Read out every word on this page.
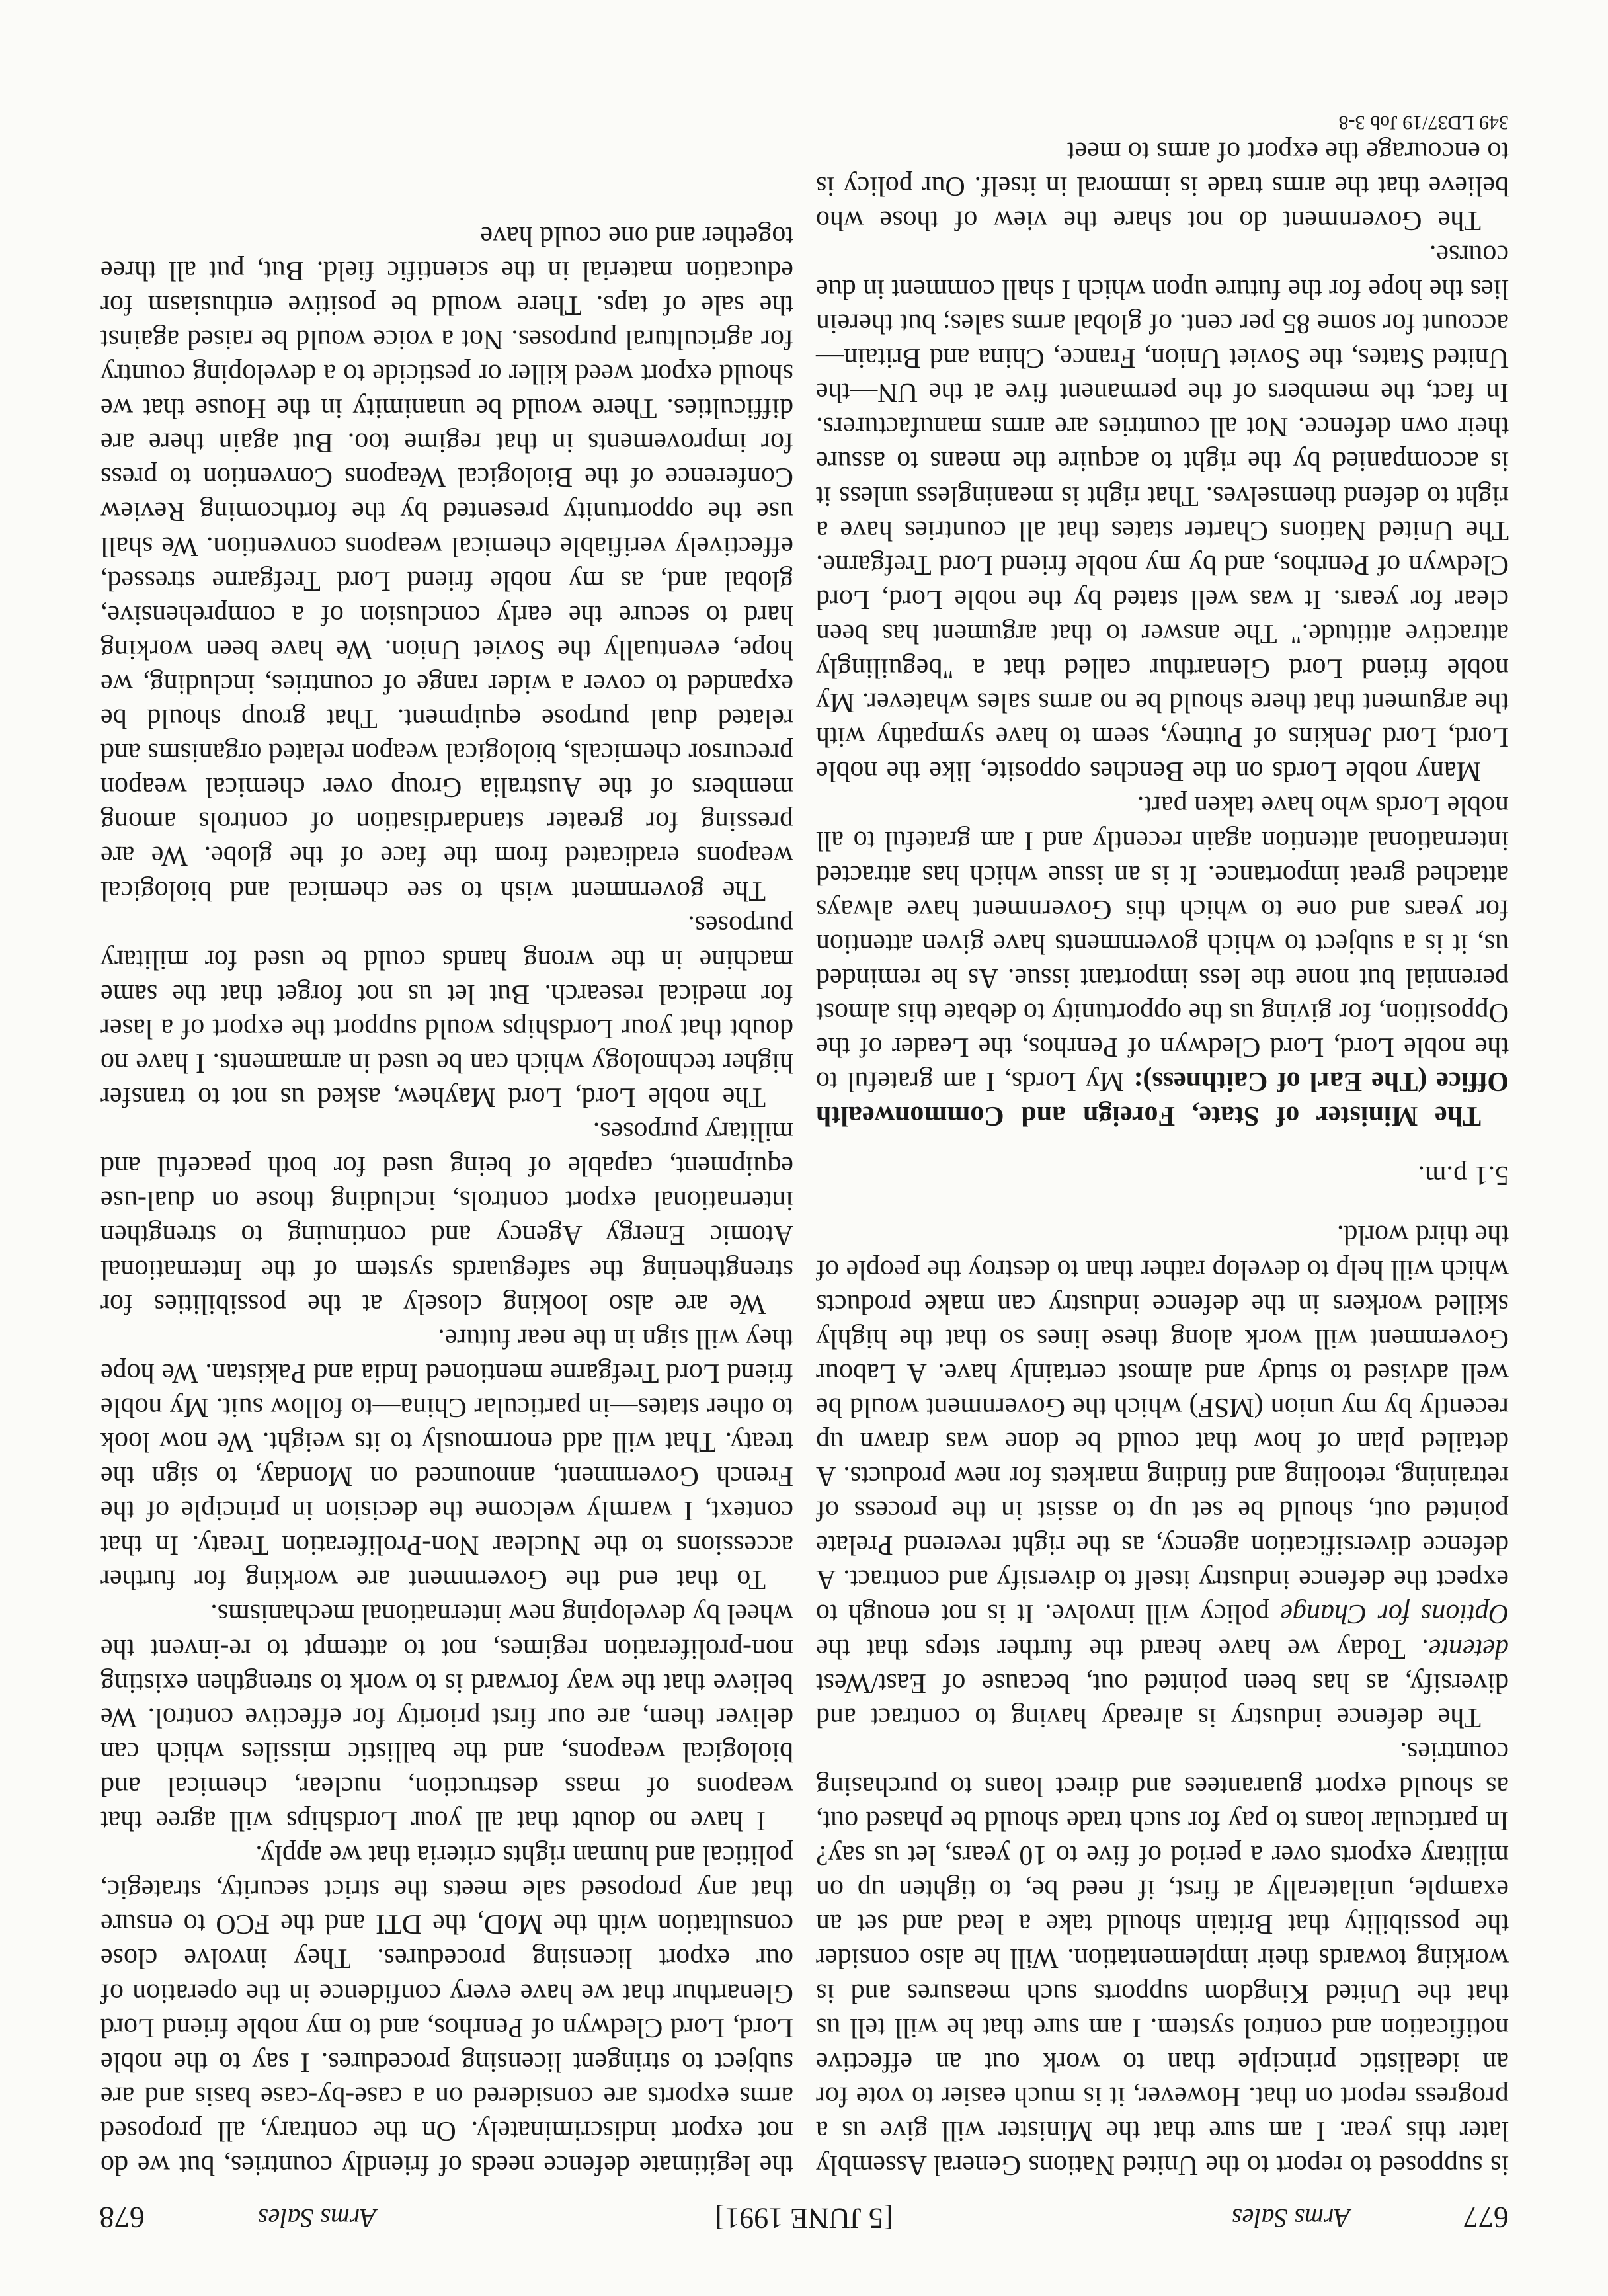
677
Arms Sales
[5 JUNE 1991]
Arms Sales
678

is supposed to report to the United Nations General Assembly later this year. I am sure that the Minister will give us a progress report on that. However, it is much easier to vote for an idealistic principle than to work out an effective notification and control system. I am sure that he will tell us that the United Kingdom supports such measures and is working towards their implementation. Will he also consider the possibility that Britain should take a lead and set an example, unilaterally at first, if need be, to tighten up on military exports over a period of five to 10 years, let us say? In particular loans to pay for such trade should be phased out, as should export guarantees and direct loans to purchasing countries.

The defence industry is already having to contract and diversify, as has been pointed out, because of East/West detente. Today we have heard the further steps that the Options for Change policy will involve. It is not enough to expect the defence industry itself to diversify and contract. A defence diversification agency, as the right reverend Prelate pointed out, should be set up to assist in the process of retraining, retooling and finding markets for new products. A detailed plan of how that could be done was drawn up recently by my union (MSF) which the Government would be well advised to study and almost certainly have. A Labour Government will work along these lines so that the highly skilled workers in the defence industry can make products which will help to develop rather than to destroy the people of the third world.

5.1 p.m.

The Minister of State, Foreign and Commonwealth Office (The Earl of Caithness): My Lords, I am grateful to the noble Lord, Lord Cledwyn of Penrhos, the Leader of the Opposition, for giving us the opportunity to debate this almost perennial but none the less important issue. As he reminded us, it is a subject to which governments have given attention for years and one to which this Government have always attached great importance. It is an issue which has attracted international attention again recently and I am grateful to all noble Lords who have taken part.

Many noble Lords on the Benches opposite, like the noble Lord, Lord Jenkins of Putney, seem to have sympathy with the argument that there should be no arms sales whatever. My noble friend Lord Glenarthur called that a "beguilingly attractive attitude." The answer to that argument has been clear for years. It was well stated by the noble Lord, Lord Cledwyn of Penrhos, and by my noble friend Lord Trefgarne. The United Nations Charter states that all countries have a right to defend themselves. That right is meaningless unless it is accompanied by the right to acquire the means to assure their own defence. Not all countries are arms manufacturers. In fact, the members of the permanent five at the UN—the United States, the Soviet Union, France, China and Britain—account for some 85 per cent. of global arms sales; but therein lies the hope for the future upon which I shall comment in due course.

The Government do not share the view of those who believe that the arms trade is immoral in itself. Our policy is to encourage the export of arms to meet

the legitimate defence needs of friendly countries, but we do not export indiscriminately. On the contrary, all proposed arms exports are considered on a case-by-case basis and are subject to stringent licensing procedures. I say to the noble Lord, Lord Cledwyn of Penrhos, and to my noble friend Lord Glenarthur that we have every confidence in the operation of our export licensing procedures. They involve close consultation with the MoD, the DTI and the FCO to ensure that any proposed sale meets the strict security, strategic, political and human rights criteria that we apply.

I have no doubt that all your Lordships will agree that weapons of mass destruction, nuclear, chemical and biological weapons, and the ballistic missiles which can deliver them, are our first priority for effective control. We believe that the way forward is to work to strengthen existing non-proliferation regimes, not to attempt to re-invent the wheel by developing new international mechanisms.

To that end the Government are working for further accessions to the Nuclear Non-Proliferation Treaty. In that context, I warmly welcome the decision in principle of the French Government, announced on Monday, to sign the treaty. That will add enormously to its weight. We now look to other states—in particular China—to follow suit. My noble friend Lord Trefgarne mentioned India and Pakistan. We hope they will sign in the near future.

We are also looking closely at the possibilities for strengthening the safeguards system of the International Atomic Energy Agency and continuing to strengthen international export controls, including those on dual-use equipment, capable of being used for both peaceful and military purposes.

The noble Lord, Lord Mayhew, asked us not to transfer higher technology which can be used in armaments. I have no doubt that your Lordships would support the export of a laser for medical research. But let us not forget that the same machine in the wrong hands could be used for military purposes.

The government wish to see chemical and biological weapons eradicated from the face of the globe. We are pressing for greater standardisation of controls among members of the Australia Group over chemical weapon precursor chemicals, biological weapon related organisms and related dual purpose equipment. That group should be expanded to cover a wider range of countries, including, we hope, eventually the Soviet Union. We have been working hard to secure the early conclusion of a comprehensive, global and, as my noble friend Lord Trefgarne stressed, effectively verifiable chemical weapons convention. We shall use the opportunity presented by the forthcoming Review Conference of the Biological Weapons Convention to press for improvements in that regime too. But again there are difficulties. There would be unanimity in the House that we should export weed killer or pesticide to a developing country for agricultural purposes. Not a voice would be raised against the sale of taps. There would be positive enthusiasm for education material in the scientific field. But, put all three together and one could have

349 LD37/19 Job 3-8
